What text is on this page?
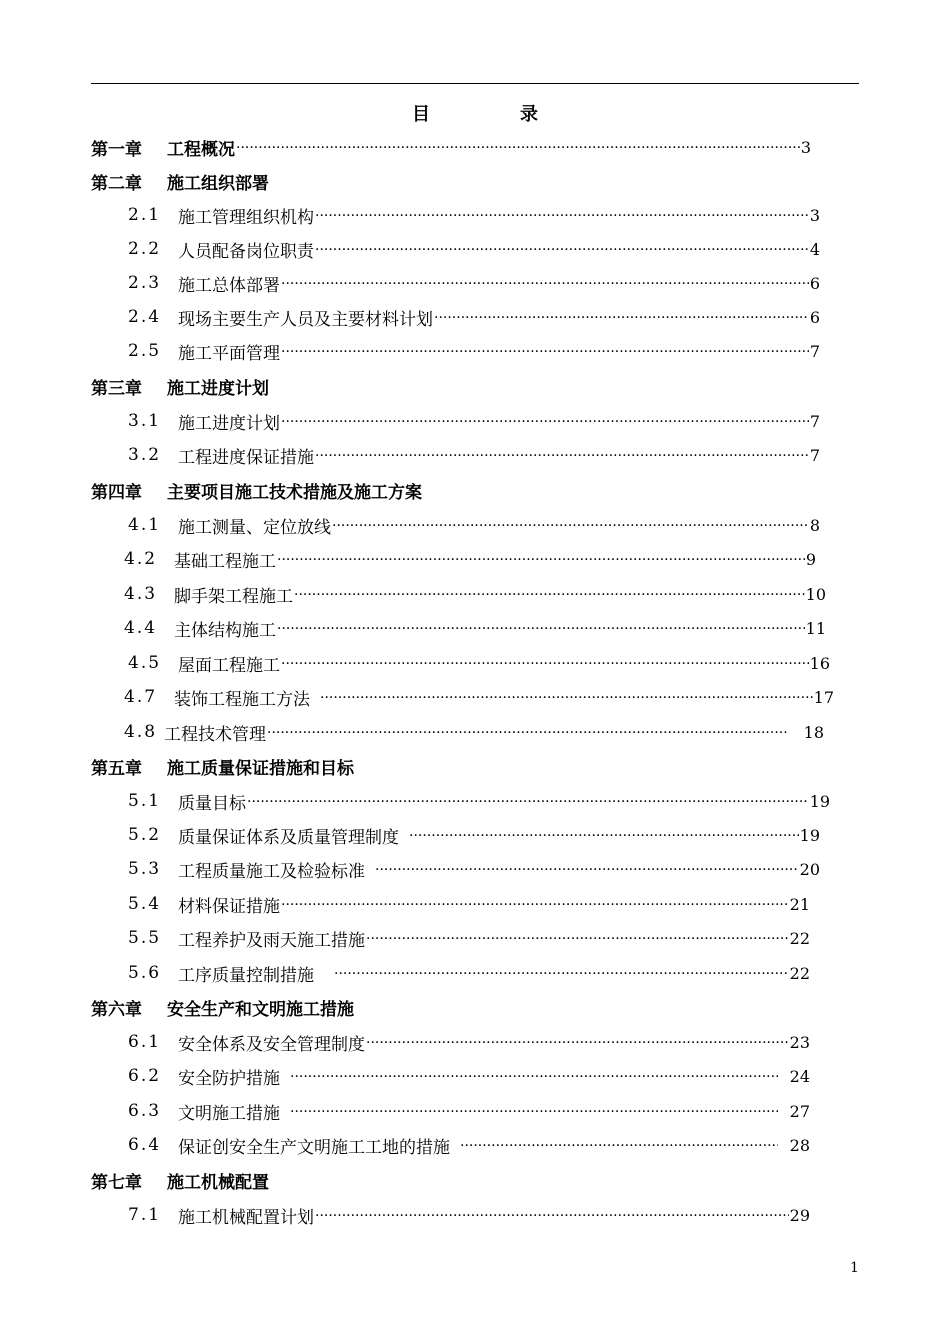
目	录
第一章	工程概况 ·····	3
第二章	施工组织部署
2.1 施工管理组织机构 ·····	3
2.2 人员配备岗位职责 ·····	4
2.3 施工总体部署 ·····	6
2.4 现场主要生产人员及主要材料计划 ·····	6
2.5 施工平面管理 ·····	7
第三章	施工进度计划
3.1 施工进度计划 ·····	7
3.2 工程进度保证措施 ·····	7
第四章	主要项目施工技术措施及施工方案
4.1 施工测量、定位放线 ·····	8
4.2 基础工程施工 ·····	9
4.3 脚手架工程施工 ·····	10
4.4 主体结构施工 ·····	11
4.5 屋面工程施工 ·····	16
4.7 装饰工程施工方法 ·····	17
4.8 工程技术管理 ·····	18
第五章	施工质量保证措施和目标
5.1 质量目标 ·····	19
5.2 质量保证体系及质量管理制度 ·····	19
5.3 工程质量施工及检验标准 ·····	20
5.4 材料保证措施 ·····	21
5.5 工程养护及雨天施工措施 ·····	22
5.6 工序质量控制措施 ·····	22
第六章	安全生产和文明施工措施
6.1 安全体系及安全管理制度 ·····	23
6.2 安全防护措施 ·····	24
6.3 文明施工措施 ·····	27
6.4 保证创安全生产文明施工工地的措施 ·····	28
第七章	施工机械配置
7.1 施工机械配置计划 ·····	29
1
